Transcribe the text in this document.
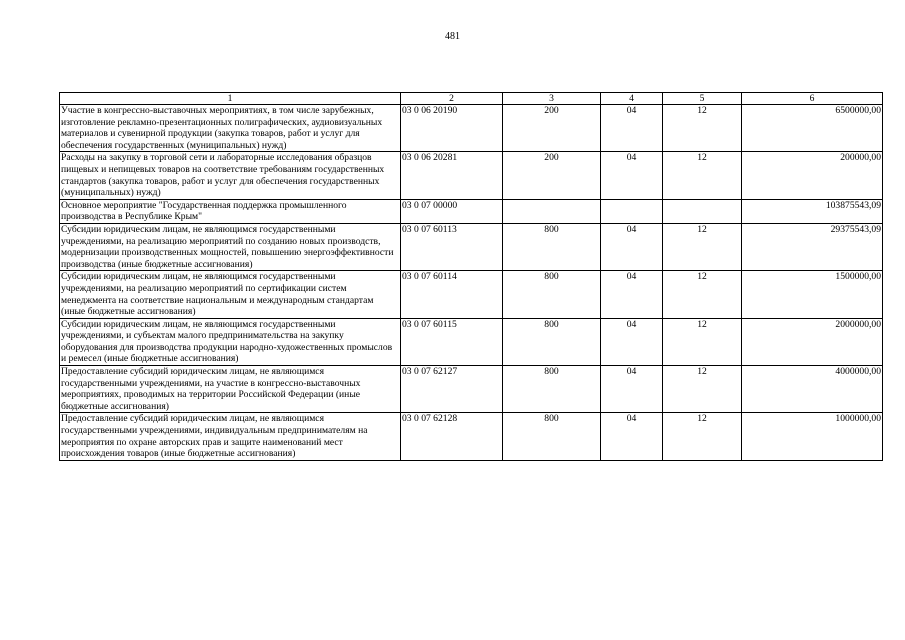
481
1	2	3	4	5	6
Участие в конгрессно-выставочных мероприятиях, в том числе зарубежных, изготовление рекламно-презентационных полиграфических, аудиовизуальных материалов и сувенирной продукции (закупка товаров, работ и услуг для обеспечения государственных (муниципальных) нужд)	03 0 06 20190	200	04	12	6500000,00
Расходы на закупку в торговой сети и лабораторные исследования образцов пищевых и непищевых товаров на соответствие требованиям государственных стандартов (закупка товаров, работ и услуг для обеспечения государственных (муниципальных) нужд)	03 0 06 20281	200	04	12	200000,00
Основное мероприятие "Государственная поддержка промышленного производства в Республике Крым"	03 0 07 00000				103875543,09
Субсидии юридическим лицам, не являющимся государственными учреждениями, на реализацию мероприятий по созданию новых производств, модернизации производственных мощностей, повышению энергоэффективности производства (иные бюджетные ассигнования)	03 0 07 60113	800	04	12	29375543,09
Субсидии юридическим лицам, не являющимся государственными учреждениями, на реализацию мероприятий по сертификации систем менеджмента на соответствие национальным и международным стандартам (иные бюджетные ассигнования)	03 0 07 60114	800	04	12	1500000,00
Субсидии юридическим лицам, не являющимся государственными учреждениями, и субъектам малого предпринимательства на закупку оборудования для производства продукции народно-художественных промыслов и ремесел (иные бюджетные ассигнования)	03 0 07 60115	800	04	12	2000000,00
Предоставление субсидий юридическим лицам, не являющимся государственными учреждениями, на участие в конгрессно-выставочных мероприятиях, проводимых на территории Российской Федерации (иные бюджетные ассигнования)	03 0 07 62127	800	04	12	4000000,00
Предоставление субсидий юридическим лицам, не являющимся государственными учреждениями, индивидуальным предпринимателям на мероприятия по охране авторских прав и защите наименований мест происхождения товаров (иные бюджетные ассигнования)	03 0 07 62128	800	04	12	1000000,00
